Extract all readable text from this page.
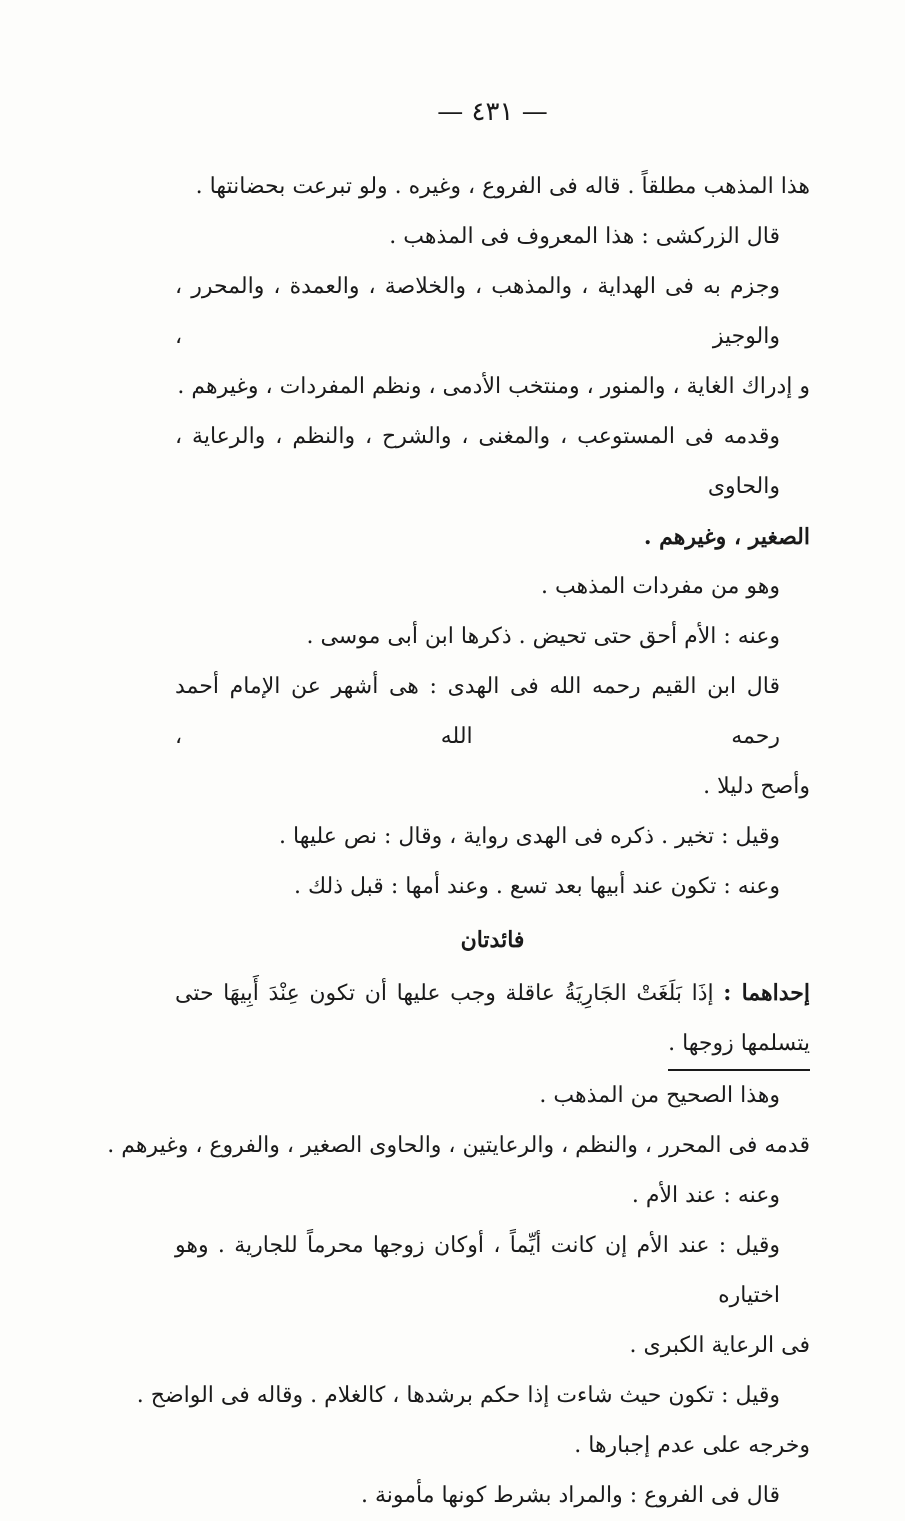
— ٤٣١ —
هذا المذهب مطلقاً . قاله فى الفروع ، وغيره . ولو تبرعت بحضانتها .
قال الزركشى : هذا المعروف فى المذهب .
وجزم به فى الهداية ، والمذهب ، والخلاصة ، والعمدة ، والمحرر ، والوجيز ،
و إدراك الغاية ، والمنور ، ومنتخب الأدمى ، ونظم المفردات ، وغيرهم .
وقدمه فى المستوعب ، والمغنى ، والشرح ، والنظم ، والرعاية ، والحاوى
الصغير ، وغيرهم .
وهو من مفردات المذهب .
وعنه : الأم أحق حتى تحيض . ذكرها ابن أبى موسى .
قال ابن القيم رحمه الله فى الهدى : هى أشهر عن الإمام أحمد رحمه الله ،
وأصح دليلا .
وقيل : تخير . ذكره فى الهدى رواية ، وقال : نص عليها .
وعنه : تكون عند أبيها بعد تسع . وعند أمها : قبل ذلك .
فائدتان
إحداهما : إذَا بَلَغَتْ الجَارِيَةُ عاقلة وجب عليها أن تكون عِنْدَ أَبِيهَا حتى
يتسلمها زوجها .
وهذا الصحيح من المذهب .
قدمه فى المحرر ، والنظم ، والرعايتين ، والحاوى الصغير ، والفروع ، وغيرهم .
وعنه : عند الأم .
وقيل : عند الأم إن كانت أيِّماً ، أوكان زوجها محرماً للجارية . وهو اختياره
فى الرعاية الكبرى .
وقيل : تكون حيث شاءت إذا حكم برشدها ، كالغلام . وقاله فى الواضح .
وخرجه على عدم إجبارها .
قال فى الفروع : والمراد بشرط كونها مأمونة .
